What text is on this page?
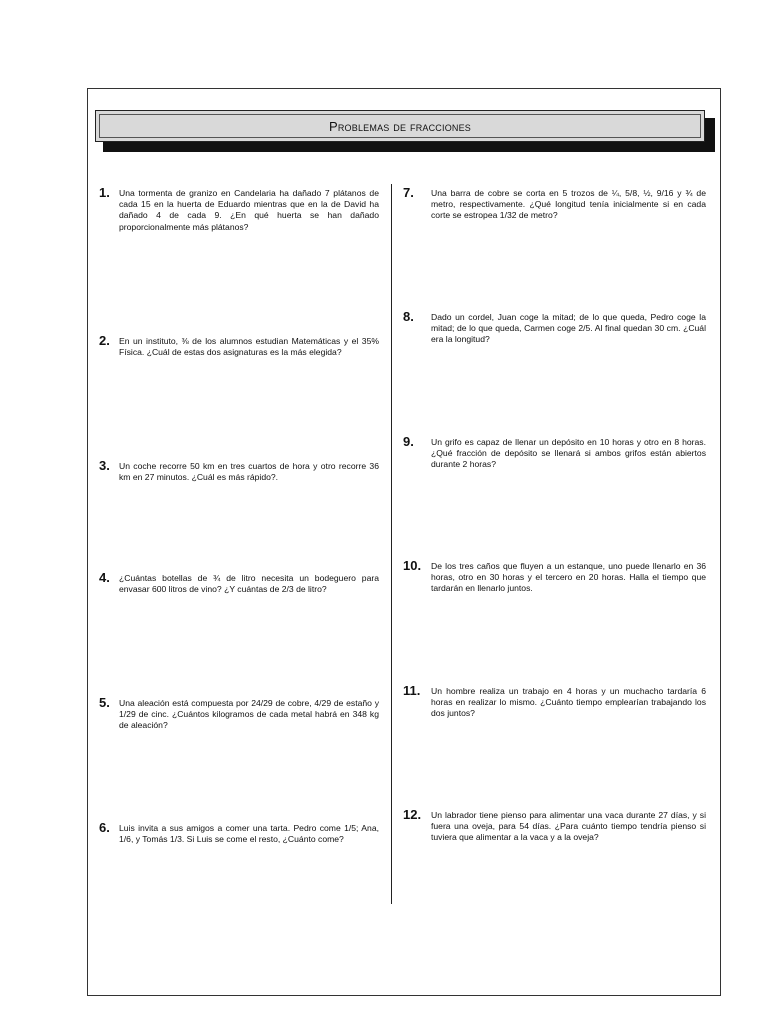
Problemas de fracciones
1. Una tormenta de granizo en Candelaria ha dañado 7 plátanos de cada 15 en la huerta de Eduardo mientras que en la de David ha dañado 4 de cada 9. ¿En qué huerta se han dañado proporcionalmente más plátanos?
2. En un instituto, ⅜ de los alumnos estudian Matemáticas y el 35% Física. ¿Cuál de estas dos asignaturas es la más elegida?
3. Un coche recorre 50 km en tres cuartos de hora y otro recorre 36 km en 27 minutos. ¿Cuál es más rápido?.
4. ¿Cuántas botellas de ¾ de litro necesita un bodeguero para envasar 600 litros de vino? ¿Y cuántas de 2/3 de litro?
5. Una aleación está compuesta por 24/29 de cobre, 4/29 de estaño y 1/29 de cinc. ¿Cuántos kilogramos de cada metal habrá en 348 kg de aleación?
6. Luis invita a sus amigos a comer una tarta. Pedro come 1/5; Ana, 1/6, y Tomás 1/3. Si Luis se come el resto, ¿Cuánto come?
7. Una barra de cobre se corta en 5 trozos de ¼, 5/8, ½, 9/16 y ¾ de metro, respectivamente. ¿Qué longitud tenía inicialmente si en cada corte se estropea 1/32 de metro?
8. Dado un cordel, Juan coge la mitad; de lo que queda, Pedro coge la mitad; de lo que queda, Carmen coge 2/5. Al final quedan 30 cm. ¿Cuál era la longitud?
9. Un grifo es capaz de llenar un depósito en 10 horas y otro en 8 horas. ¿Qué fracción de depósito se llenará si ambos grifos están abiertos durante 2 horas?
10. De los tres caños que fluyen a un estanque, uno puede llenarlo en 36 horas, otro en 30 horas y el tercero en 20 horas. Halla el tiempo que tardarán en llenarlo juntos.
11. Un hombre realiza un trabajo en 4 horas y un muchacho tardaría 6 horas en realizar lo mismo. ¿Cuánto tiempo emplearían trabajando los dos juntos?
12. Un labrador tiene pienso para alimentar una vaca durante 27 días, y si fuera una oveja, para 54 días. ¿Para cuánto tiempo tendría pienso si tuviera que alimentar a la vaca y a la oveja?
